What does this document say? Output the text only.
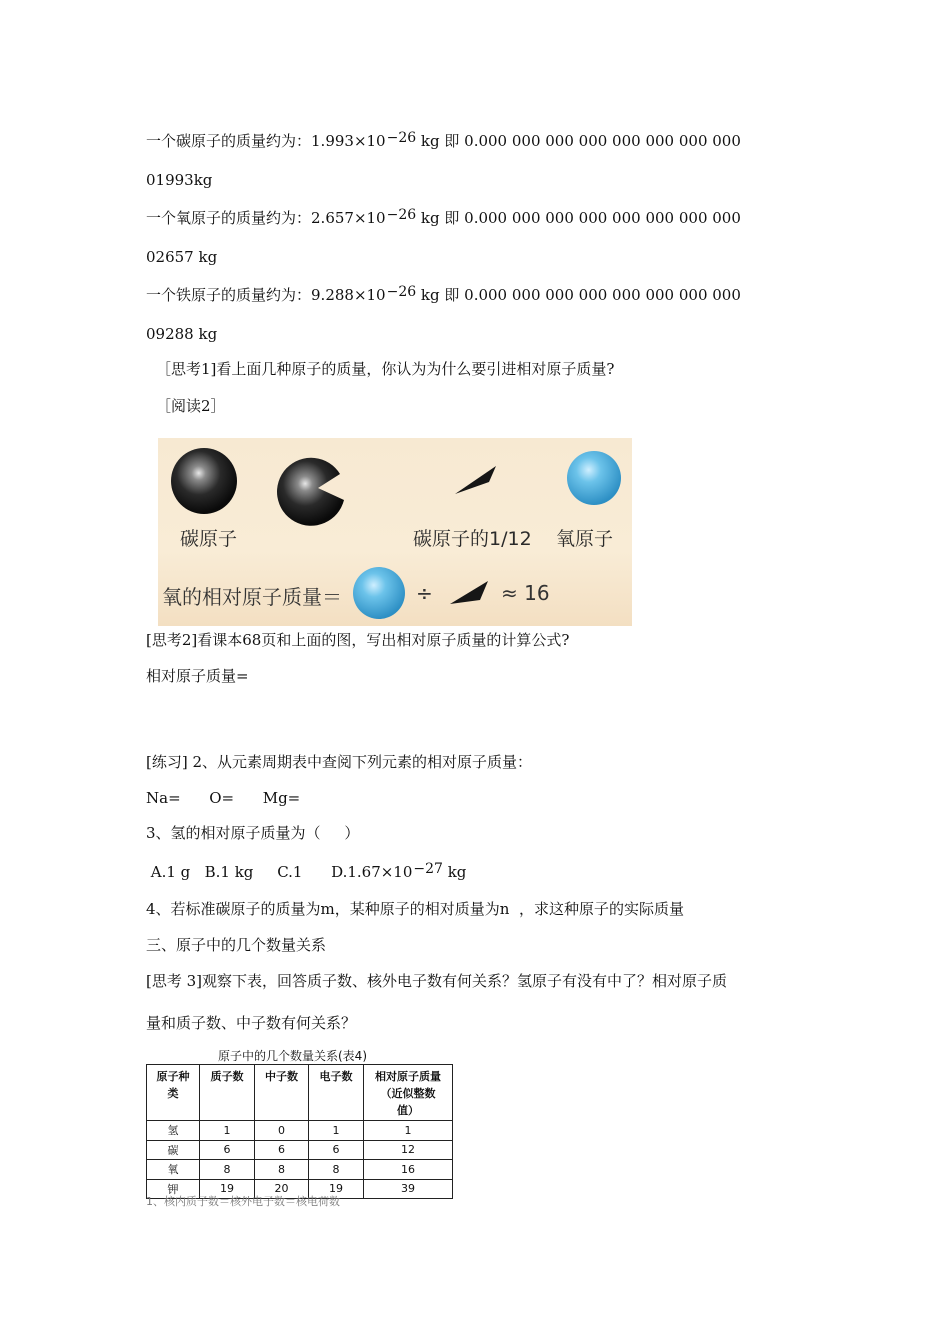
一个碳原子的质量约为：$1.993\times 10^{-26}$ kg 即 0.000 000 000 000 000 000 000 000
01993kg
一个氧原子的质量约为：$2.657\times 10^{-26}$ kg 即 0.000 000 000 000 000 000 000 000
02657 kg
一个铁原子的质量约为：$9.288\times 10^{-26}$ kg 即 0.000 000 000 000 000 000 000 000
09288 kg
［思考1]看上面几种原子的质量，你认为为什么要引进相对原子质量?
［阅读2］
碳原子	碳原子的1/12 氧原子
氧的相对原子质量＝	÷	≈ 16
[思考2]看课本68页和上面的图，写出相对原子质量的计算公式?
相对原子质量=
[练习] 2、从元素周期表中查阅下列元素的相对原子质量：
Na=      O=      Mg=
3、氢的相对原子质量为（     ）
A.1 g   B.1 kg     C.1      $D.1.67\times 10^{-27}$ kg
4、若标准碳原子的质量为m，某种原子的相对质量为n  ，求这种原子的实际质量
三、原子中的几个数量关系
[思考 3]观察下表，回答质子数、核外电子数有何关系？氢原子有没有中了？相对原子质
量和质子数、中子数有何关系？
原子中的几个数量关系(表4)
原子种
类	质子数	中子数	电子数	相对原子质量
（近似整数
值）
氢	1	0	1	1
碳	6	6	6	12
氧	8	8	8	16
钾	19	20	19	39
1、核内质子数＝核外电子数＝核电荷数
